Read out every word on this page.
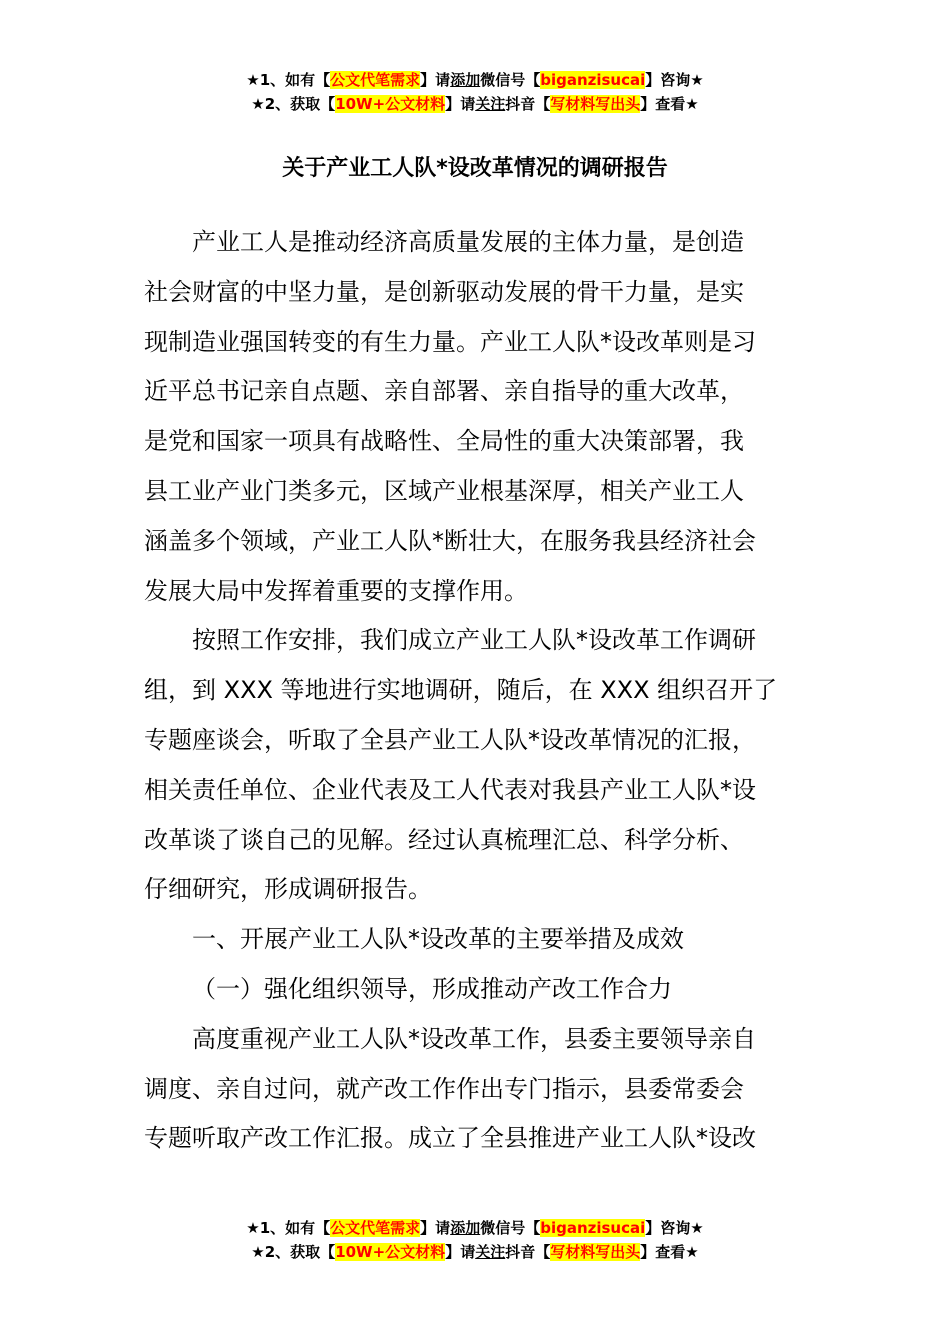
★1、如有【公文代笔需求】请添加微信号【biganzisucai】咨询★
★2、获取【10W+公文材料】请关注抖音【写材料写出头】查看★
关于产业工人队*设改革情况的调研报告

产业工人是推动经济高质量发展的主体力量，是创造
社会财富的中坚力量，是创新驱动发展的骨干力量，是实
现制造业强国转变的有生力量。产业工人队*设改革则是习
近平总书记亲自点题、亲自部署、亲自指导的重大改革，
是党和国家一项具有战略性、全局性的重大决策部署，我
县工业产业门类多元，区域产业根基深厚，相关产业工人
涵盖多个领域，产业工人队*断壮大，在服务我县经济社会
发展大局中发挥着重要的支撑作用。

按照工作安排，我们成立产业工人队*设改革工作调研
组，到 XXX 等地进行实地调研，随后，在 XXX 组织召开了
专题座谈会，听取了全县产业工人队*设改革情况的汇报，
相关责任单位、企业代表及工人代表对我县产业工人队*设
改革谈了谈自己的见解。经过认真梳理汇总、科学分析、
仔细研究，形成调研报告。

一、开展产业工人队*设改革的主要举措及成效

（一）强化组织领导，形成推动产改工作合力

高度重视产业工人队*设改革工作，县委主要领导亲自
调度、亲自过问，就产改工作作出专门指示，县委常委会
专题听取产改工作汇报。成立了全县推进产业工人队*设改

★1、如有【公文代笔需求】请添加微信号【biganzisucai】咨询★
★2、获取【10W+公文材料】请关注抖音【写材料写出头】查看★
